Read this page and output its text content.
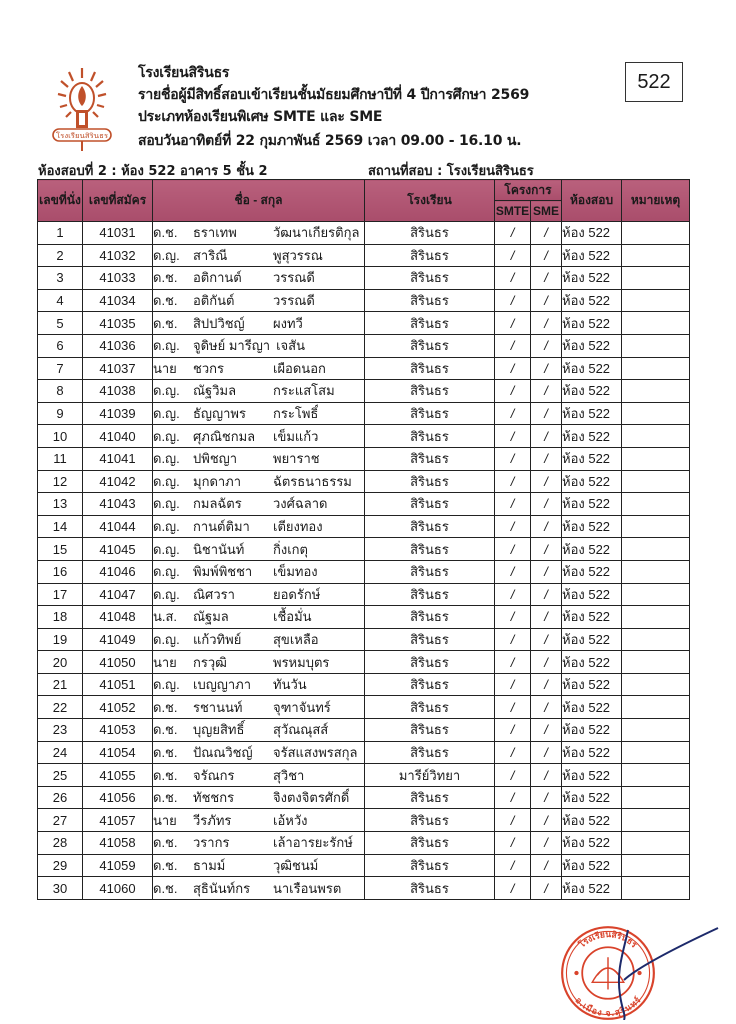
โรงเรียนสิรินธร
โรงเรียนสิรินธร
รายชื่อผู้มีสิทธิ์สอบเข้าเรียนชั้นมัธยมศึกษาปีที่ 4 ปีการศึกษา 2569
ประเภทห้องเรียนพิเศษ SMTE และ SME
สอบวันอาทิตย์ที่ 22 กุมภาพันธ์ 2569 เวลา 09.00 - 16.10 น.
522
ห้องสอบที่ 2 : ห้อง 522 อาคาร 5 ชั้น 2	สถานที่สอบ : โรงเรียนสิรินธร
เลขที่นั่ง	เลขที่สมัคร	ชื่อ - สกุล	โรงเรียน	โครงการ		ห้องสอบ	หมายเหตุ
				SMTE	SME		
1	41031	ด.ช. ธราเทพ วัฒนาเกียรติกุล	สิรินธร	/	/	ห้อง 522	
2	41032	ด.ญ. สาริณี พูสุวรรณ	สิรินธร	/	/	ห้อง 522	
3	41033	ด.ช. อติกานต์ วรรณดี	สิรินธร	/	/	ห้อง 522	
4	41034	ด.ช. อติกันต์ วรรณดี	สิรินธร	/	/	ห้อง 522	
5	41035	ด.ช. สิปปวิชญ์ ผงทวี	สิรินธร	/	/	ห้อง 522	
6	41036	ด.ญ. จูดิษย์ มารีญา เจสัน	สิรินธร	/	/	ห้อง 522	
7	41037	นาย ชวกร เผือดนอก	สิรินธร	/	/	ห้อง 522	
8	41038	ด.ญ. ณัฐวิมล กระแสโสม	สิรินธร	/	/	ห้อง 522	
9	41039	ด.ญ. ธัญญาพร กระโพธิ์	สิรินธร	/	/	ห้อง 522	
10	41040	ด.ญ. ศุภณิชกมล เข็มแก้ว	สิรินธร	/	/	ห้อง 522	
11	41041	ด.ญ. ปพิชญา พยาราช	สิรินธร	/	/	ห้อง 522	
12	41042	ด.ญ. มุกดาภา ฉัตรธนาธรรม	สิรินธร	/	/	ห้อง 522	
13	41043	ด.ญ. กมลฉัตร วงศ์ฉลาด	สิรินธร	/	/	ห้อง 522	
14	41044	ด.ญ. กานต์ติมา เตียงทอง	สิรินธร	/	/	ห้อง 522	
15	41045	ด.ญ. นิชานันท์ กิ่งเกตุ	สิรินธร	/	/	ห้อง 522	
16	41046	ด.ญ. พิมพ์พิชชา เข็มทอง	สิรินธร	/	/	ห้อง 522	
17	41047	ด.ญ. ณิศวรา ยอดรักษ์	สิรินธร	/	/	ห้อง 522	
18	41048	น.ส. ณัฐมล เชื้อมั่น	สิรินธร	/	/	ห้อง 522	
19	41049	ด.ญ. แก้วทิพย์ สุขเหลือ	สิรินธร	/	/	ห้อง 522	
20	41050	นาย กรวุฒิ พรหมบุตร	สิรินธร	/	/	ห้อง 522	
21	41051	ด.ญ. เบญญาภา ทันวัน	สิรินธร	/	/	ห้อง 522	
22	41052	ด.ช. รชานนท์ จุฑาจันทร์	สิรินธร	/	/	ห้อง 522	
23	41053	ด.ช. บุญยสิทธิ์ สุวัณณุสส์	สิรินธร	/	/	ห้อง 522	
24	41054	ด.ช. ปัณณวิชญ์ จรัสแสงพรสกุล	สิรินธร	/	/	ห้อง 522	
25	41055	ด.ช. จรัณกร สุวิชา	มารีย์วิทยา	/	/	ห้อง 522	
26	41056	ด.ช. ทัชชกร จิงตงจิตรศักดิ์	สิรินธร	/	/	ห้อง 522	
27	41057	นาย วีรภัทร เอ้หวัง	สิรินธร	/	/	ห้อง 522	
28	41058	ด.ช. วรากร เล้าอารยะรักษ์	สิรินธร	/	/	ห้อง 522	
29	41059	ด.ช. ธามม์ วุฒิชนม์	สิรินธร	/	/	ห้อง 522	
30	41060	ด.ช. สุธินันท์กร นาเรือนพรต	สิรินธร	/	/	ห้อง 522	
โรงเรียนสิรินธร
อ.เมือง จ.สุรินทร์
